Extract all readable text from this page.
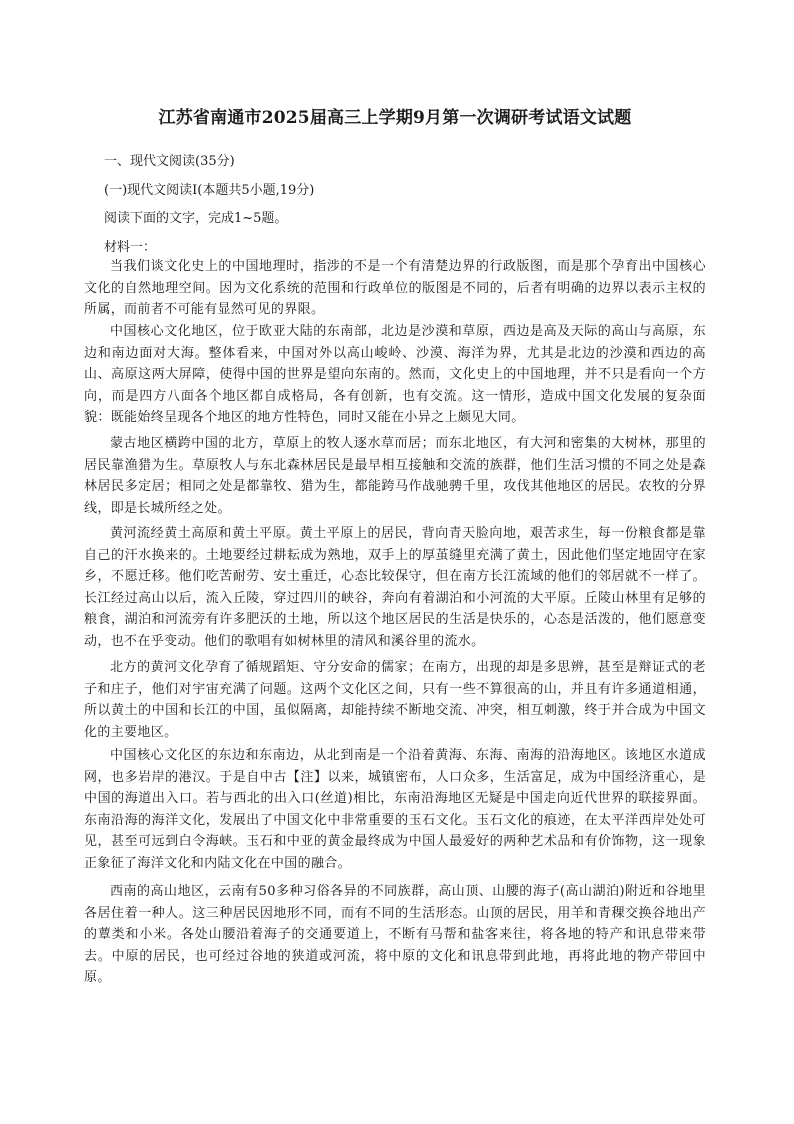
江苏省南通市2025届高三上学期9月第一次调研考试语文试题
一、现代文阅读(35分)
(一)现代文阅读Ⅰ(本题共5小题,19分)
阅读下面的文字，完成1~5题。
材料一：

当我们谈文化史上的中国地理时，指涉的不是一个有清楚边界的行政版图，而是那个孕育出中国核心文化的自然地理空间。因为文化系统的范围和行政单位的版图是不同的，后者有明确的边界以表示主权的所属，而前者不可能有显然可见的界限。

中国核心文化地区，位于欧亚大陆的东南部，北边是沙漠和草原，西边是高及天际的高山与高原，东边和南边面对大海。整体看来，中国对外以高山峻岭、沙漠、海洋为界，尤其是北边的沙漠和西边的高山、高原这两大屏障，使得中国的世界是望向东南的。然而，文化史上的中国地理，并不只是看向一个方向，而是四方八面各个地区都自成格局，各有创新，也有交流。这一情形，造成中国文化发展的复杂面貌：既能始终呈现各个地区的地方性特色，同时又能在小异之上颇见大同。

蒙古地区横跨中国的北方，草原上的牧人逐水草而居；而东北地区，有大河和密集的大树林，那里的居民靠渔猎为生。草原牧人与东北森林居民是最早相互接触和交流的族群，他们生活习惯的不同之处是森林居民多定居；相同之处是都靠牧、猎为生，都能跨马作战驰骋千里，攻伐其他地区的居民。农牧的分界线，即是长城所经之处。

黄河流经黄土高原和黄土平原。黄土平原上的居民，背向青天脸向地，艰苦求生，每一份粮食都是靠自己的汗水换来的。土地要经过耕耘成为熟地，双手上的厚茧缝里充满了黄土，因此他们坚定地固守在家乡，不愿迁移。他们吃苦耐劳、安土重迁，心态比较保守，但在南方长江流域的他们的邻居就不一样了。长江经过高山以后，流入丘陵，穿过四川的峡谷，奔向有着湖泊和小河流的大平原。丘陵山林里有足够的粮食，湖泊和河流旁有许多肥沃的土地，所以这个地区居民的生活是快乐的，心态是活泼的，他们愿意变动，也不在乎变动。他们的歌唱有如树林里的清风和溪谷里的流水。

北方的黄河文化孕育了循规蹈矩、守分安命的儒家；在南方，出现的却是多思辨，甚至是辩证式的老子和庄子，他们对宇宙充满了问题。这两个文化区之间，只有一些不算很高的山，并且有许多通道相通，所以黄土的中国和长江的中国，虽似隔离，却能持续不断地交流、冲突，相互刺激，终于并合成为中国文化的主要地区。

中国核心文化区的东边和东南边，从北到南是一个沿着黄海、东海、南海的沿海地区。该地区水道成网，也多岩岸的港汉。于是自中古【注】以来，城镇密布，人口众多，生活富足，成为中国经济重心，是中国的海道出入口。若与西北的出入口(丝道)相比，东南沿海地区无疑是中国走向近代世界的联接界面。东南沿海的海洋文化，发展出了中国文化中非常重要的玉石文化。玉石文化的痕迹，在太平洋西岸处处可见，甚至可远到白令海峡。玉石和中亚的黄金最终成为中国人最爱好的两种艺术品和有价饰物，这一现象正象征了海洋文化和内陆文化在中国的融合。

西南的高山地区，云南有50多种习俗各异的不同族群，高山顶、山腰的海子(高山湖泊)附近和谷地里各居住着一种人。这三种居民因地形不同，而有不同的生活形态。山顶的居民，用羊和青稞交换谷地出产的蕈类和小米。各处山腰沿着海子的交通要道上，不断有马帮和盐客来往，将各地的特产和讯息带来带去。中原的居民，也可经过谷地的狭道或河流，将中原的文化和讯息带到此地，再将此地的物产带回中原。
